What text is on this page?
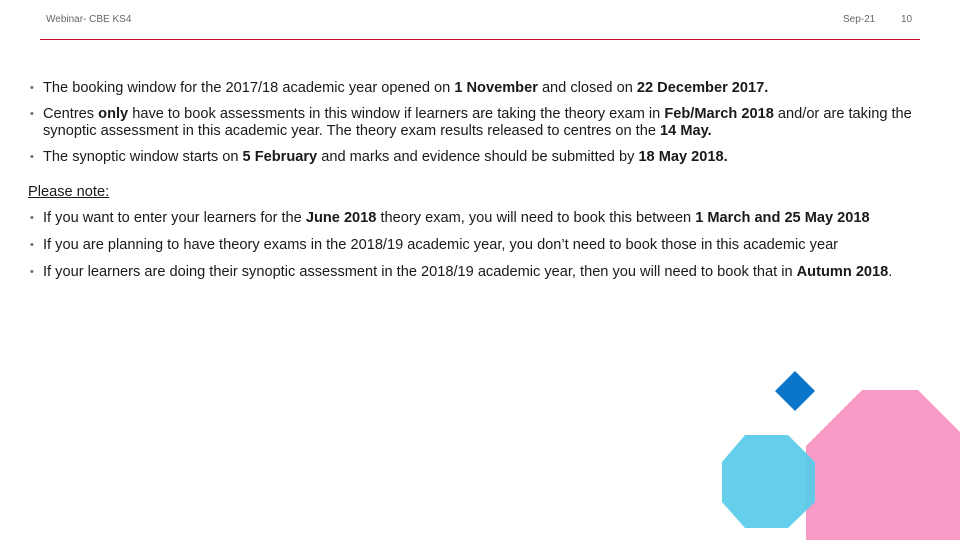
Webinar- CBE KS4	Sep-21	10
• The booking window for the 2017/18 academic year opened on 1 November and closed on 22 December 2017.
• Centres only have to book assessments in this window if learners are taking the theory exam in Feb/March 2018 and/or are taking the synoptic assessment in this academic year. The theory exam results released to centres on the 14 May.
• The synoptic window starts on 5 February and marks and evidence should be submitted by 18 May 2018.
Please note:
• If you want to enter your learners for the June 2018 theory exam, you will need to book this between 1 March and 25 May 2018
• If you are planning to have theory exams in the 2018/19 academic year, you don’t need to book those in this academic year
• If your learners are doing their synoptic assessment in the 2018/19 academic year, then you will need to book that in Autumn 2018.
